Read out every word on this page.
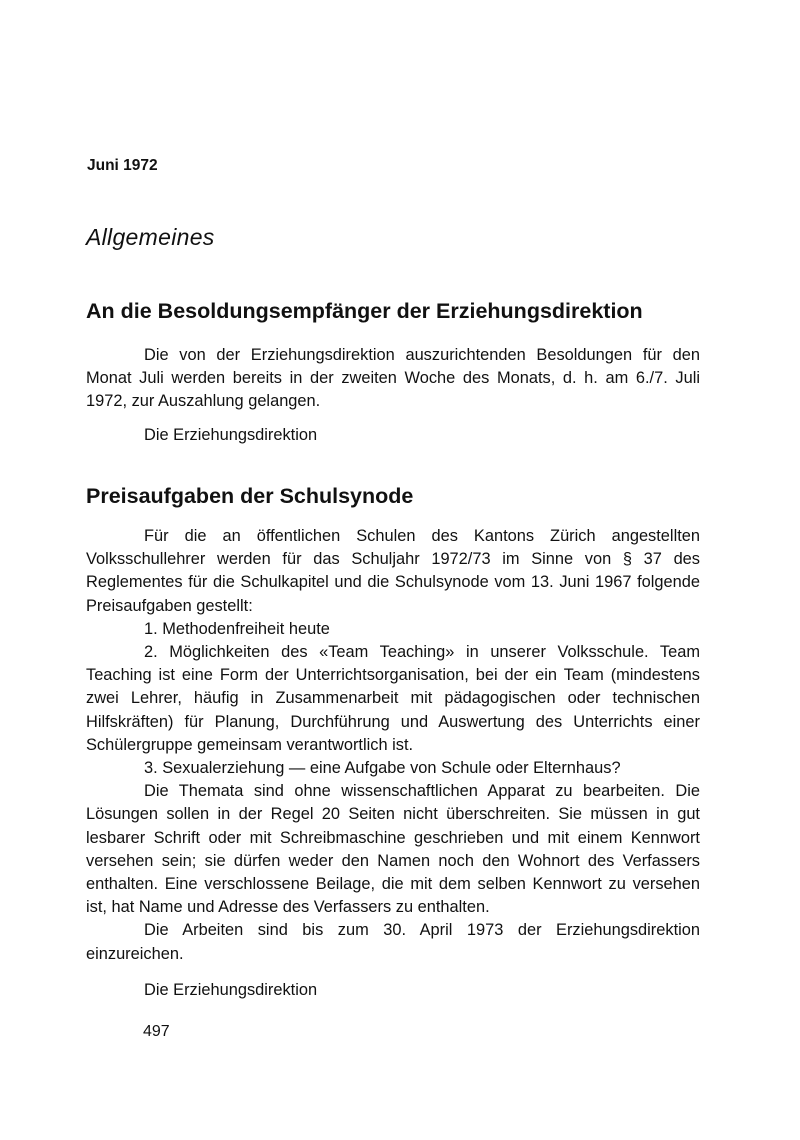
Juni 1972
Allgemeines
An die Besoldungsempfänger der Erziehungsdirektion

Die von der Erziehungsdirektion auszurichtenden Besoldungen für den Monat Juli werden bereits in der zweiten Woche des Monats, d. h. am 6./7. Juli 1972, zur Auszahlung gelangen.

Die Erziehungsdirektion
Preisaufgaben der Schulsynode

Für die an öffentlichen Schulen des Kantons Zürich angestellten Volksschullehrer werden für das Schuljahr 1972/73 im Sinne von § 37 des Reglementes für die Schulkapitel und die Schulsynode vom 13. Juni 1967 folgende Preisaufgaben gestellt:

1. Methodenfreiheit heute

2. Möglichkeiten des «Team Teaching» in unserer Volksschule. Team Teaching ist eine Form der Unterrichtsorganisation, bei der ein Team (mindestens zwei Lehrer, häufig in Zusammenarbeit mit pädagogischen oder technischen Hilfskräften) für Planung, Durchführung und Auswertung des Unterrichts einer Schülergruppe gemeinsam verantwortlich ist.

3. Sexualerziehung — eine Aufgabe von Schule oder Elternhaus?

Die Themata sind ohne wissenschaftlichen Apparat zu bearbeiten. Die Lösungen sollen in der Regel 20 Seiten nicht überschreiten. Sie müssen in gut lesbarer Schrift oder mit Schreibmaschine geschrieben und mit einem Kennwort versehen sein; sie dürfen weder den Namen noch den Wohnort des Verfassers enthalten. Eine verschlossene Beilage, die mit dem selben Kennwort zu versehen ist, hat Name und Adresse des Verfassers zu enthalten.

Die Arbeiten sind bis zum 30. April 1973 der Erziehungsdirektion einzureichen.

Die Erziehungsdirektion
497
